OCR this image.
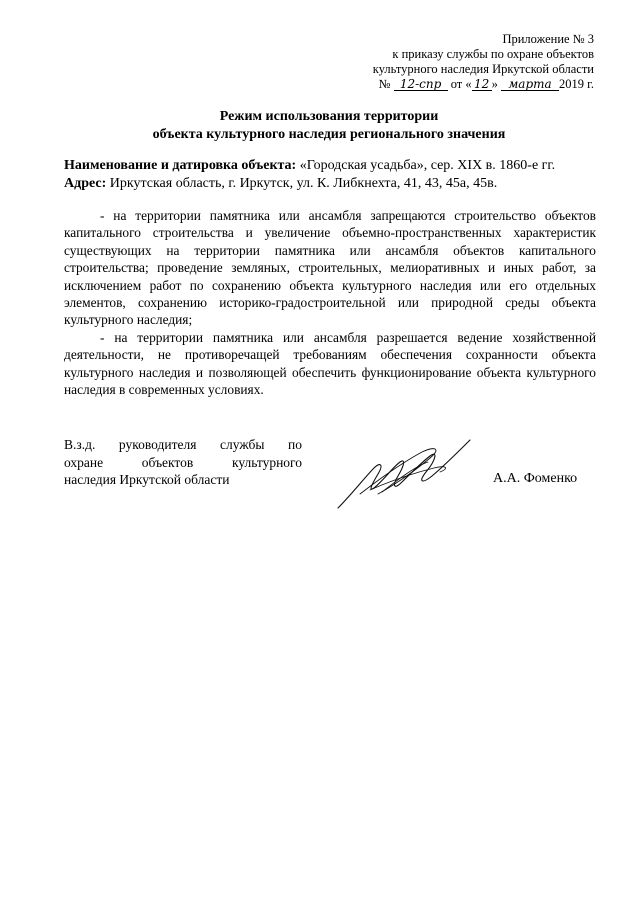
Приложение № 3
к приказу службы по охране объектов
культурного наследия Иркутской области
№ 12-спр от « 12 » марта 2019 г.
Режим использования территории
объекта культурного наследия регионального значения
Наименование и датировка объекта: «Городская усадьба», сер. XIX в. 1860-е гг.
Адрес: Иркутская область, г. Иркутск, ул. К. Либкнехта, 41, 43, 45а, 45в.

- на территории памятника или ансамбля запрещаются строительство объектов капитального строительства и увеличение объемно-пространственных характеристик существующих на территории памятника или ансамбля объектов капитального строительства; проведение земляных, строительных, мелиоративных и иных работ, за исключением работ по сохранению объекта культурного наследия или его отдельных элементов, сохранению историко-градостроительной или природной среды объекта культурного наследия;

- на территории памятника или ансамбля разрешается ведение хозяйственной деятельности, не противоречащей требованиям обеспечения сохранности объекта культурного наследия и позволяющей обеспечить функционирование объекта культурного наследия в современных условиях.

В.з.д. руководителя службы по
охране объектов культурного
наследия Иркутской области	А.А. Фоменко
